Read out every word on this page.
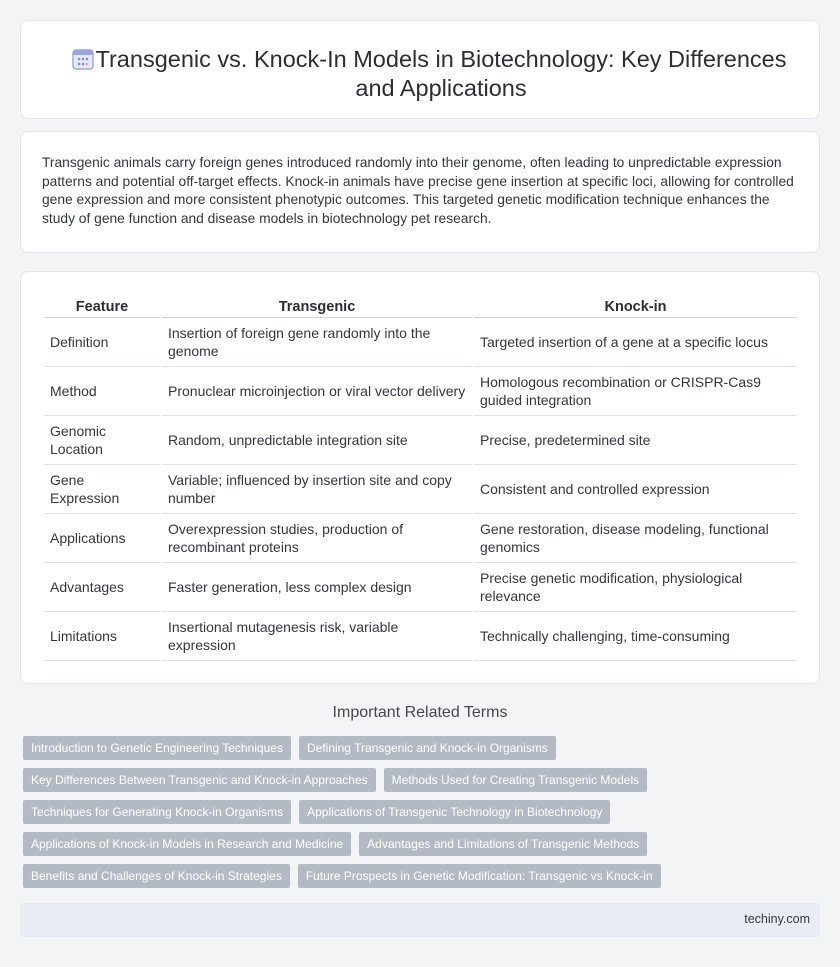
Transgenic vs. Knock-In Models in Biotechnology: Key Differences and Applications

Transgenic animals carry foreign genes introduced randomly into their genome, often leading to unpredictable expression patterns and potential off-target effects. Knock-in animals have precise gene insertion at specific loci, allowing for controlled gene expression and more consistent phenotypic outcomes. This targeted genetic modification technique enhances the study of gene function and disease models in biotechnology pet research.

Feature	Transgenic	Knock-in
Definition	Insertion of foreign gene randomly into the genome	Targeted insertion of a gene at a specific locus
Method	Pronuclear microinjection or viral vector delivery	Homologous recombination or CRISPR-Cas9 guided integration
Genomic Location	Random, unpredictable integration site	Precise, predetermined site
Gene Expression	Variable; influenced by insertion site and copy number	Consistent and controlled expression
Applications	Overexpression studies, production of recombinant proteins	Gene restoration, disease modeling, functional genomics
Advantages	Faster generation, less complex design	Precise genetic modification, physiological relevance
Limitations	Insertional mutagenesis risk, variable expression	Technically challenging, time-consuming
Important Related Terms
Introduction to Genetic Engineering Techniques	Defining Transgenic and Knock-in Organisms
Key Differences Between Transgenic and Knock-in Approaches	Methods Used for Creating Transgenic Models
Techniques for Generating Knock-in Organisms	Applications of Transgenic Technology in Biotechnology
Applications of Knock-in Models in Research and Medicine	Advantages and Limitations of Transgenic Methods
Benefits and Challenges of Knock-in Strategies	Future Prospects in Genetic Modification: Transgenic vs Knock-in
techiny.com
